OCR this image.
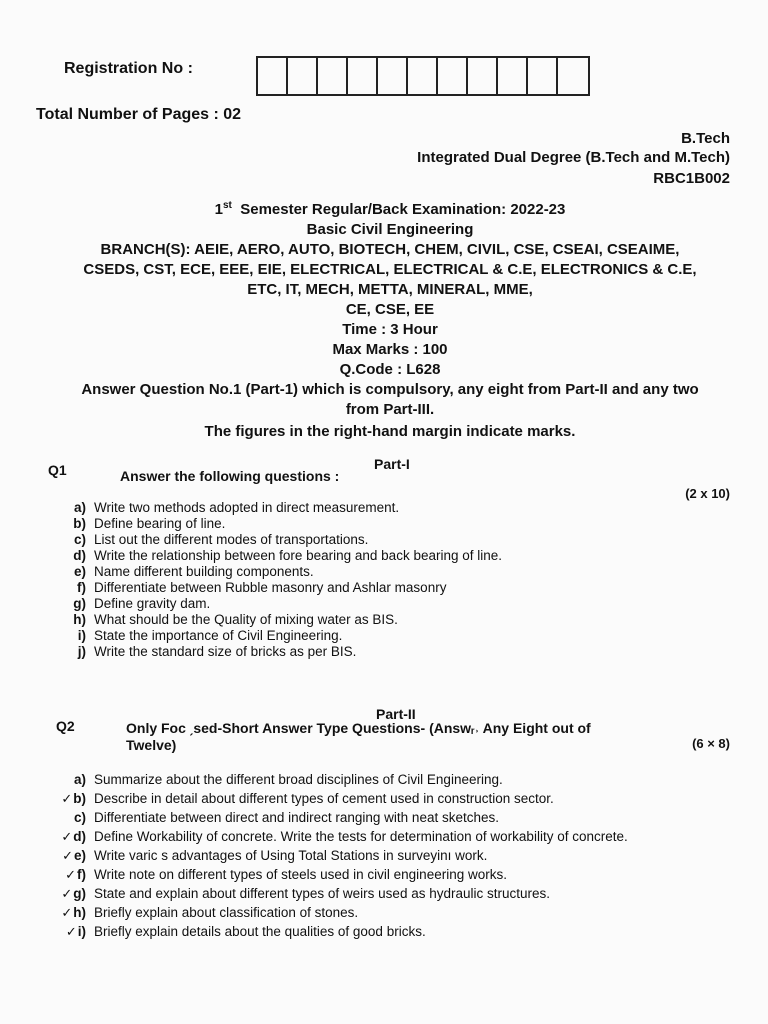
Registration No :
Total Number of Pages : 02
B.Tech
Integrated Dual Degree (B.Tech and M.Tech)
RBC1B002
1st Semester Regular/Back Examination: 2022-23
Basic Civil Engineering
BRANCH(S): AEIE, AERO, AUTO, BIOTECH, CHEM, CIVIL, CSE, CSEAI, CSEAIME,
CSEDS, CST, ECE, EEE, EIE, ELECTRICAL, ELECTRICAL & C.E, ELECTRONICS & C.E,
ETC, IT, MECH, METTA, MINERAL, MME,
CE, CSE, EE
Time : 3 Hour
Max Marks : 100
Q.Code : L628
Answer Question No.1 (Part-1) which is compulsory, any eight from Part-II and any two
from Part-III.
The figures in the right-hand margin indicate marks.
Part-I
Q1	Answer the following questions :
(2 x 10)
a) Write two methods adopted in direct measurement.
b) Define bearing of line.
c) List out the different modes of transportations.
d) Write the relationship between fore bearing and back bearing of line.
e) Name different building components.
f) Differentiate between Rubble masonry and Ashlar masonry
g) Define gravity dam.
h) What should be the Quality of mixing water as BIS.
i) State the importance of Civil Engineering.
j) Write the standard size of bricks as per BIS.
Part-II
Q2	Only Foc ˏsed-Short Answer Type Questions- (Answᵣ˒ Any Eight out of
Twelve)	(6 × 8)
a) Summarize about the different broad disciplines of Civil Engineering.
✓b) Describe in detail about different types of cement used in construction sector.
c) Differentiate between direct and indirect ranging with neat sketches.
✓d) Define Workability of concrete. Write the tests for determination of workability of concrete.
✓e) Write varic s advantages of Using Total Stations in surveyinı work.
✓f) Write note on different types of steels used in civil engineering works.
✓g) State and explain about different types of weirs used as hydraulic structures.
✓h) Briefly explain about classification of stones.
✓i) Briefly explain details about the qualities of good bricks.
